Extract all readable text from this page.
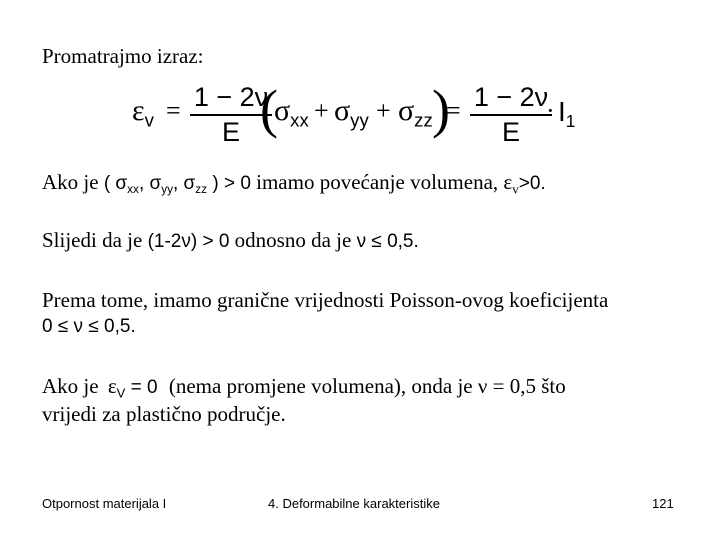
Promatrajmo izraz:
$\varepsilon_v = 1 - 2\nu$
E (
$\sigma_{xx} + \sigma_{yy} + \sigma_{zz}$ )
= 1 − 2ν
E
· $I_1$
Ako je ( $\sigma_{xx}$, $\sigma_{yy}$, $\sigma_{zz}$ ) > 0 imamo povećanje volumena, $\varepsilon_v>0$.
Slijedi da je (1-2ν) > 0 odnosno da je ν ≤ 0,5.
Prema tome, imamo granične vrijednosti Poisson-ovog koeficijenta
0 ≤ ν ≤ 0,5.
Ako je $\varepsilon_V = 0$ (nema promjene volumena), onda je ν = 0,5 što
vrijedi za plastično područje.
Otpornost materijala I	4. Deformabilne karakteristike	121
